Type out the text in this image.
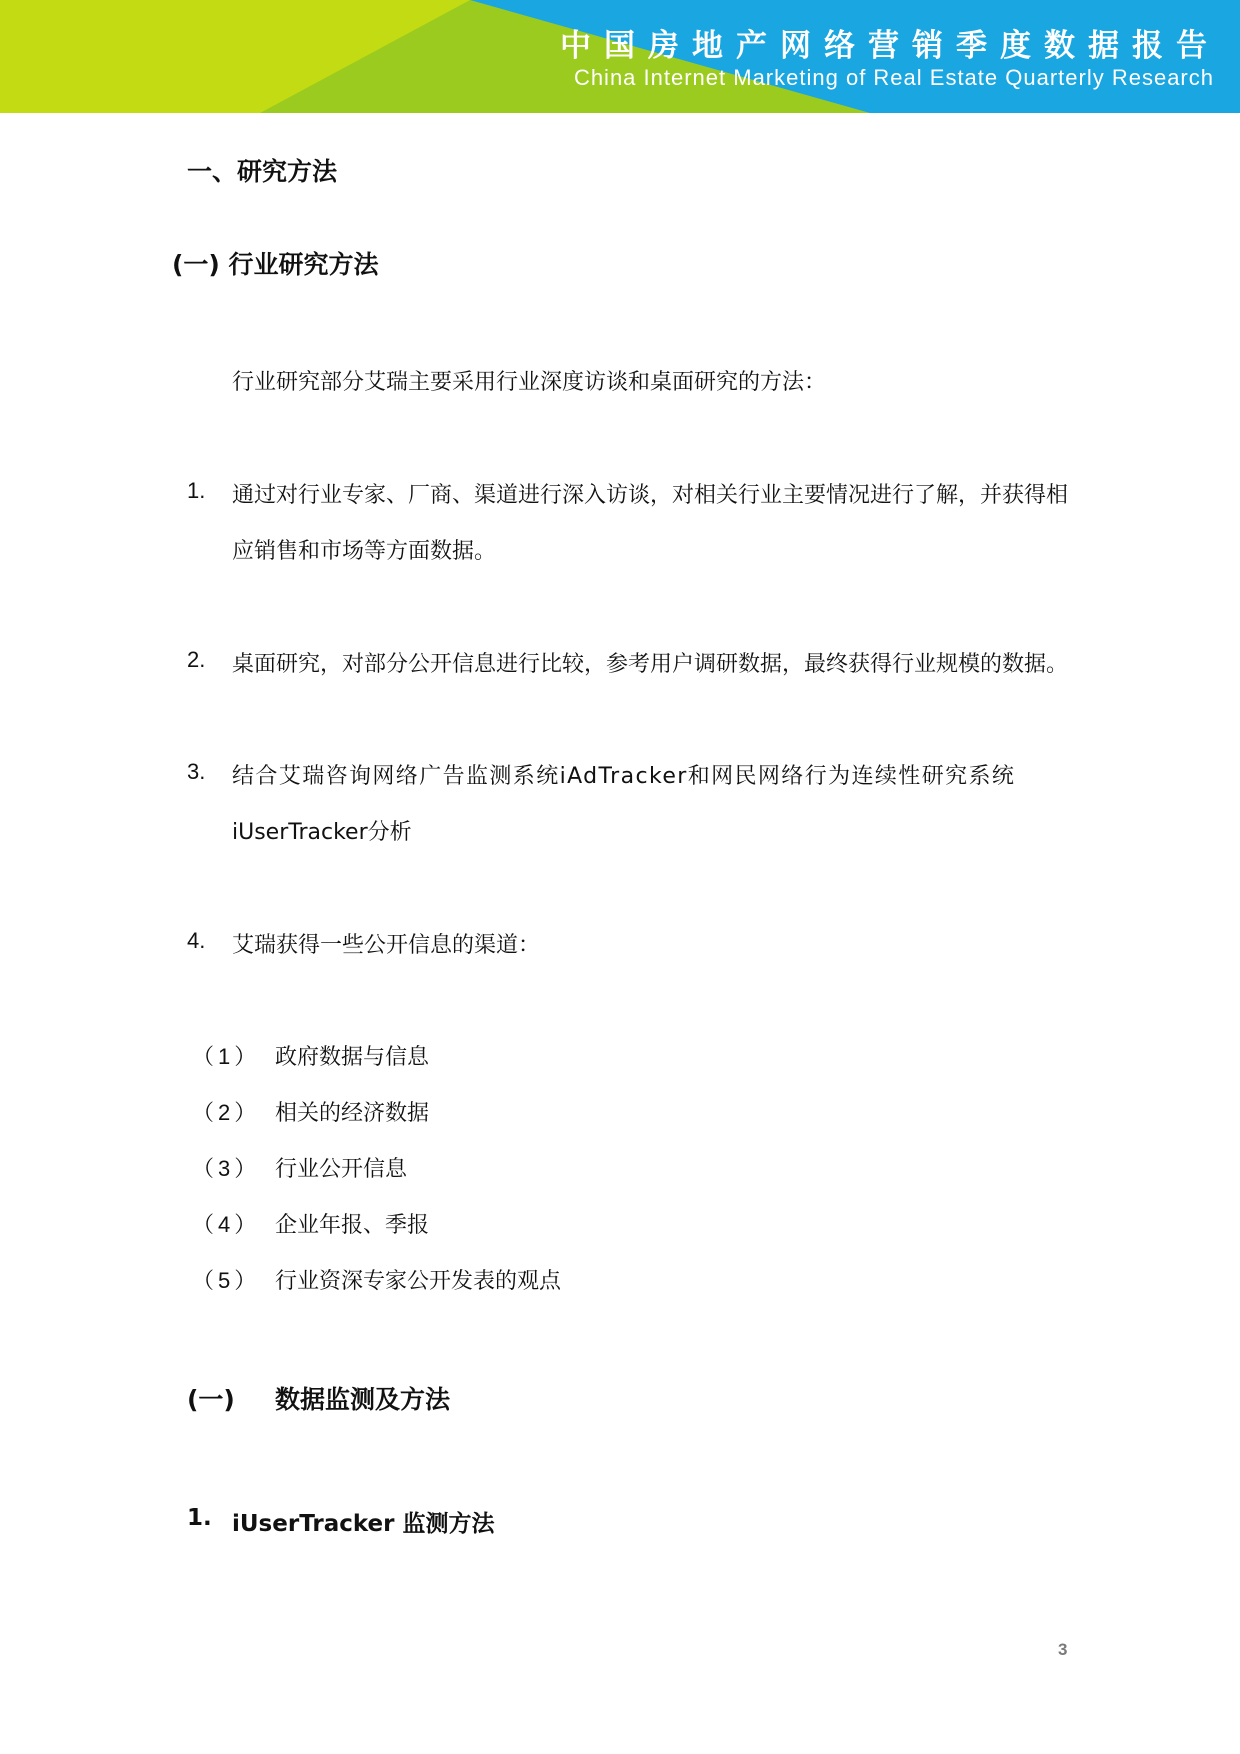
中国房地产网络营销季度数据报告
China Internet Marketing of Real Estate Quarterly Research
一、研究方法
(一) 行业研究方法
行业研究部分艾瑞主要采用行业深度访谈和桌面研究的方法：
1. 通过对行业专家、厂商、渠道进行深入访谈，对相关行业主要情况进行了解，并获得相
应销售和市场等方面数据。
2. 桌面研究，对部分公开信息进行比较，参考用户调研数据，最终获得行业规模的数据。
3. 结合艾瑞咨询网络广告监测系统iAdTracker和网民网络行为连续性研究系统
iUserTracker分析
4. 艾瑞获得一些公开信息的渠道：
（1） 政府数据与信息
（2） 相关的经济数据
（3） 行业公开信息
（4） 企业年报、季报
（5） 行业资深专家公开发表的观点
(一) 数据监测及方法
1. iUserTracker 监测方法
3
